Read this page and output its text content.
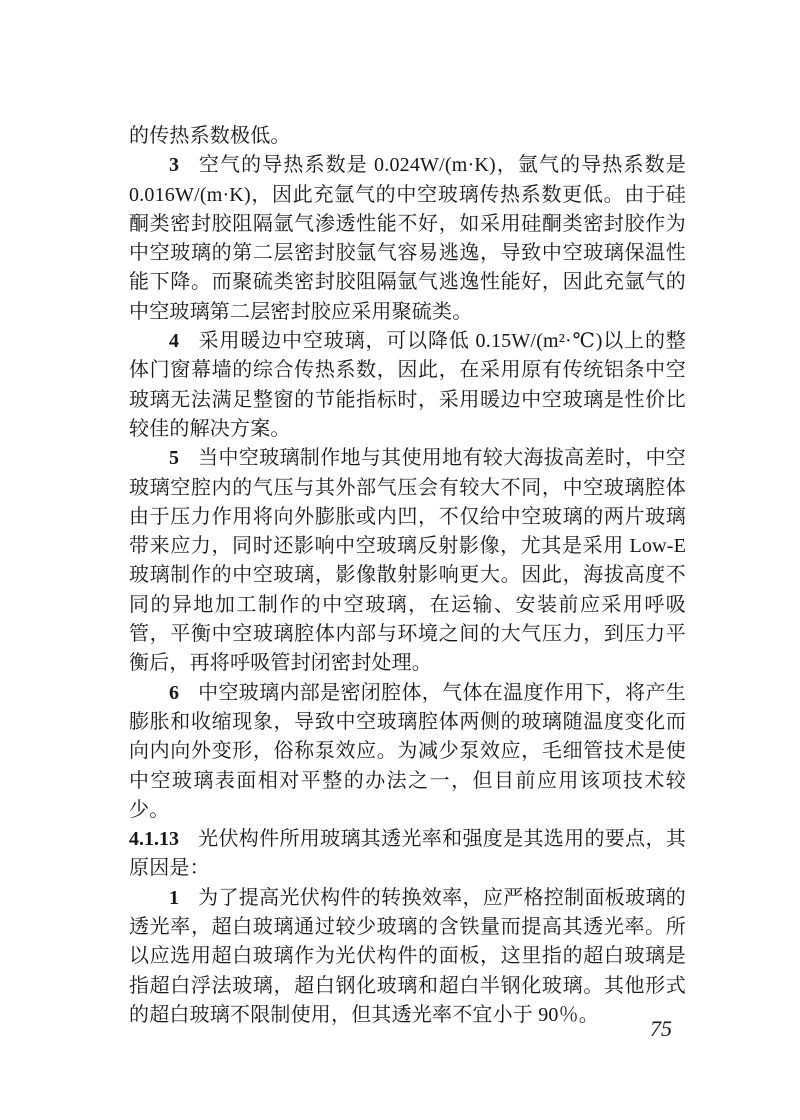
的传热系数极低。

3 空气的导热系数是 0.024W/(m·K)，氩气的导热系数是 0.016W/(m·K)，因此充氩气的中空玻璃传热系数更低。由于硅酮类密封胶阻隔氩气渗透性能不好，如采用硅酮类密封胶作为中空玻璃的第二层密封胶氩气容易逃逸，导致中空玻璃保温性能下降。而聚硫类密封胶阻隔氩气逃逸性能好，因此充氩气的中空玻璃第二层密封胶应采用聚硫类。

4 采用暖边中空玻璃，可以降低 0.15W/(m²·℃)以上的整体门窗幕墙的综合传热系数，因此，在采用原有传统铝条中空玻璃无法满足整窗的节能指标时，采用暖边中空玻璃是性价比较佳的解决方案。

5 当中空玻璃制作地与其使用地有较大海拔高差时，中空玻璃空腔内的气压与其外部气压会有较大不同，中空玻璃腔体由于压力作用将向外膨胀或内凹，不仅给中空玻璃的两片玻璃带来应力，同时还影响中空玻璃反射影像，尤其是采用 Low-E 玻璃制作的中空玻璃，影像散射影响更大。因此，海拔高度不同的异地加工制作的中空玻璃，在运输、安装前应采用呼吸管，平衡中空玻璃腔体内部与环境之间的大气压力，到压力平衡后，再将呼吸管封闭密封处理。

6 中空玻璃内部是密闭腔体，气体在温度作用下，将产生膨胀和收缩现象，导致中空玻璃腔体两侧的玻璃随温度变化而向内向外变形，俗称泵效应。为减少泵效应，毛细管技术是使中空玻璃表面相对平整的办法之一，但目前应用该项技术较少。

4.1.13 光伏构件所用玻璃其透光率和强度是其选用的要点，其原因是：

1 为了提高光伏构件的转换效率，应严格控制面板玻璃的透光率，超白玻璃通过较少玻璃的含铁量而提高其透光率。所以应选用超白玻璃作为光伏构件的面板，这里指的超白玻璃是指超白浮法玻璃，超白钢化玻璃和超白半钢化玻璃。其他形式的超白玻璃不限制使用，但其透光率不宜小于 90％。

75
